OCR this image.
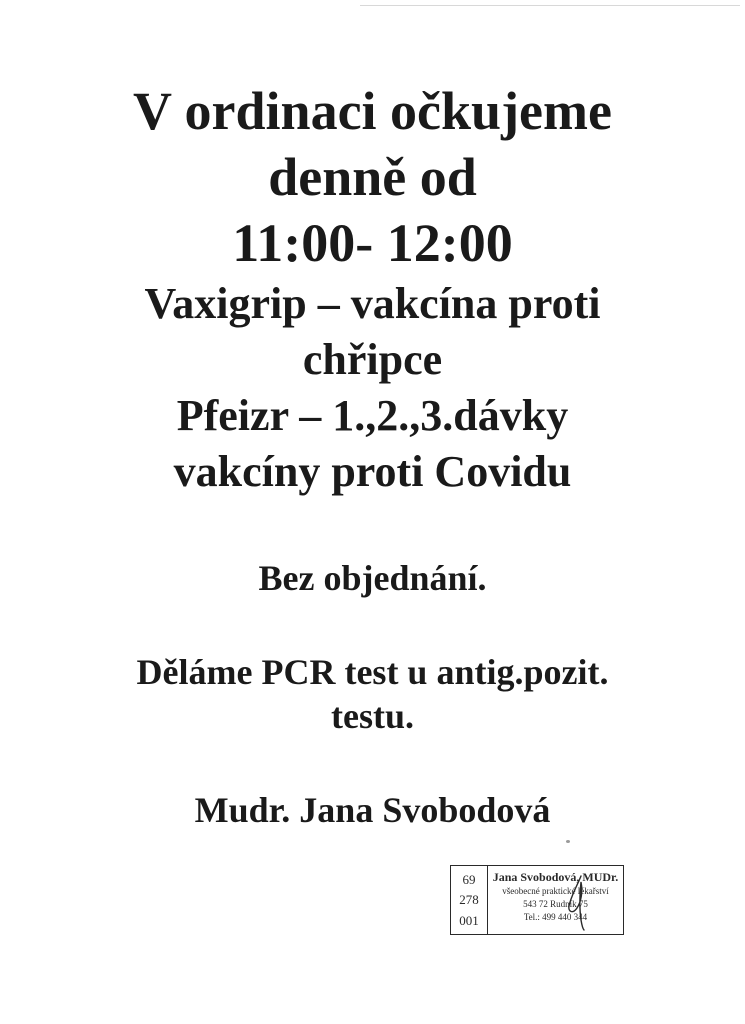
V ordinaci očkujeme
denně od
11:00- 12:00
Vaxigrip – vakcína proti
chřipce
Pfeizr – 1.,2.,3.dávky
vakcíny proti Covidu
Bez objednání.
Děláme PCR test u antig.pozit.
testu.
Mudr. Jana Svobodová
69
278
001
Jana Svobodová, MUDr.
všeobecné praktické lékařství
543 72 Rudník 75
Tel.: 499 440 344
